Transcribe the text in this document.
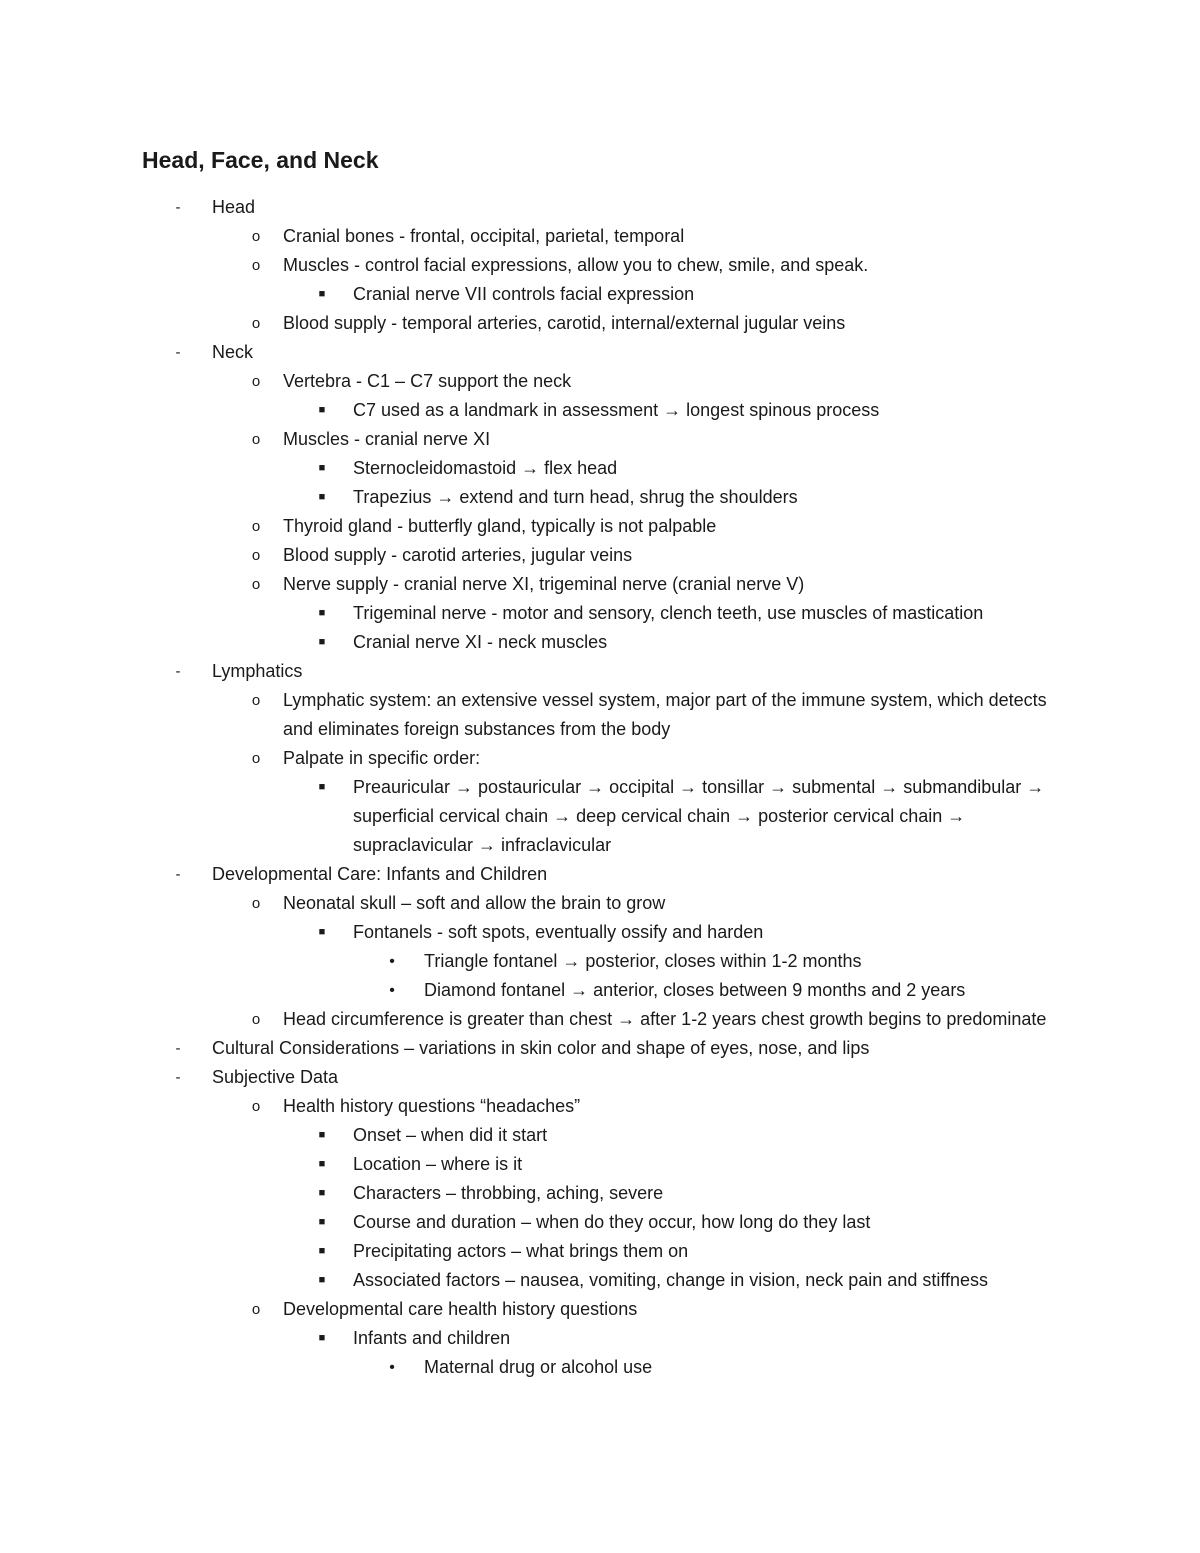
Head, Face, and Neck
-	Head
o	Cranial bones - frontal, occipital, parietal, temporal
o	Muscles - control facial expressions, allow you to chew, smile, and speak.
■	Cranial nerve VII controls facial expression
o	Blood supply - temporal arteries, carotid, internal/external jugular veins
-	Neck
o	Vertebra - C1 – C7 support the neck
■	C7 used as a landmark in assessment → longest spinous process
o	Muscles - cranial nerve XI
■	Sternocleidomastoid → flex head
■	Trapezius → extend and turn head, shrug the shoulders
o	Thyroid gland - butterfly gland, typically is not palpable
o	Blood supply - carotid arteries, jugular veins
o	Nerve supply - cranial nerve XI, trigeminal nerve (cranial nerve V)
■	Trigeminal nerve - motor and sensory, clench teeth, use muscles of mastication
■	Cranial nerve XI - neck muscles
-	Lymphatics
o	Lymphatic system: an extensive vessel system, major part of the immune system, which detects and eliminates foreign substances from the body
o	Palpate in specific order:
■	Preauricular → postauricular → occipital → tonsillar → submental → submandibular → superficial cervical chain → deep cervical chain → posterior cervical chain → supraclavicular → infraclavicular
-	Developmental Care: Infants and Children
o	Neonatal skull – soft and allow the brain to grow
■	Fontanels - soft spots, eventually ossify and harden
•	Triangle fontanel → posterior, closes within 1-2 months
•	Diamond fontanel → anterior, closes between 9 months and 2 years
o	Head circumference is greater than chest → after 1-2 years chest growth begins to predominate
-	Cultural Considerations – variations in skin color and shape of eyes, nose, and lips
-	Subjective Data
o	Health history questions “headaches”
■	Onset – when did it start
■	Location – where is it
■	Characters – throbbing, aching, severe
■	Course and duration – when do they occur, how long do they last
■	Precipitating actors – what brings them on
■	Associated factors – nausea, vomiting, change in vision, neck pain and stiffness
o	Developmental care health history questions
■	Infants and children
•	Maternal drug or alcohol use
